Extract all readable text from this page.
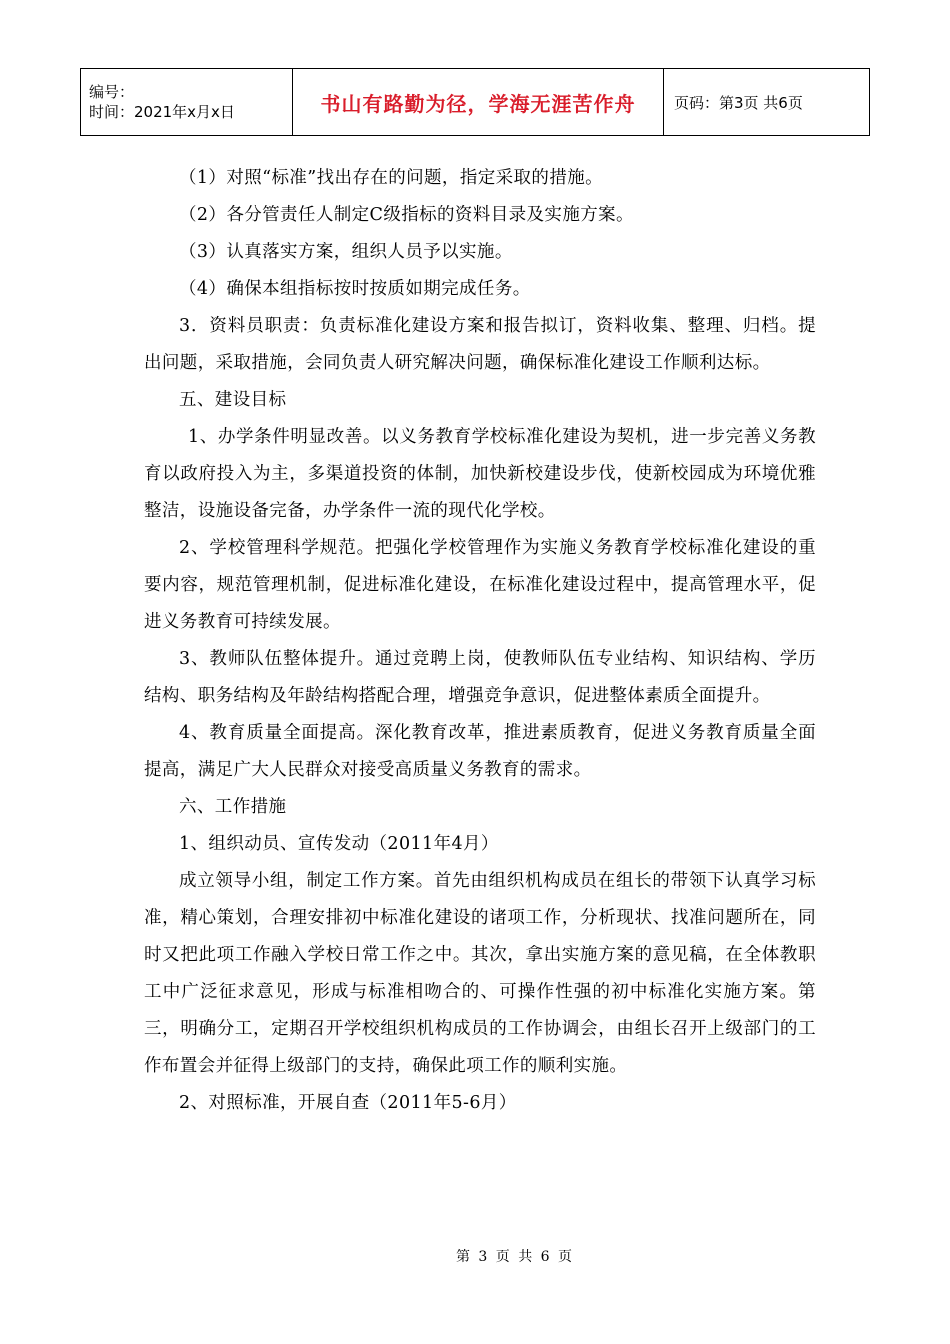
编号：
时间：2021年x月x日	书山有路勤为径，学海无涯苦作舟	页码：第3页 共6页

（1）对照“标准”找出存在的问题，指定采取的措施。

（2）各分管责任人制定C级指标的资料目录及实施方案。

（3）认真落实方案，组织人员予以实施。

（4）确保本组指标按时按质如期完成任务。

3．资料员职责：负责标准化建设方案和报告拟订，资料收集、整理、归档。提出问题，采取措施，会同负责人研究解决问题，确保标准化建设工作顺利达标。

五、建设目标

1、办学条件明显改善。以义务教育学校标准化建设为契机，进一步完善义务教育以政府投入为主，多渠道投资的体制，加快新校建设步伐，使新校园成为环境优雅整洁，设施设备完备，办学条件一流的现代化学校。

2、学校管理科学规范。把强化学校管理作为实施义务教育学校标准化建设的重要内容，规范管理机制，促进标准化建设，在标准化建设过程中，提高管理水平，促进义务教育可持续发展。

3、教师队伍整体提升。通过竞聘上岗，使教师队伍专业结构、知识结构、学历结构、职务结构及年龄结构搭配合理，增强竞争意识，促进整体素质全面提升。

4、教育质量全面提高。深化教育改革，推进素质教育，促进义务教育质量全面提高，满足广大人民群众对接受高质量义务教育的需求。

六、工作措施

1、组织动员、宣传发动（2011年4月）

成立领导小组，制定工作方案。首先由组织机构成员在组长的带领下认真学习标准，精心策划，合理安排初中标准化建设的诸项工作，分析现状、找准问题所在，同时又把此项工作融入学校日常工作之中。其次，拿出实施方案的意见稿，在全体教职工中广泛征求意见，形成与标准相吻合的、可操作性强的初中标准化实施方案。第三，明确分工，定期召开学校组织机构成员的工作协调会，由组长召开上级部门的工作布置会并征得上级部门的支持，确保此项工作的顺利实施。

2、对照标准，开展自查（2011年5-6月）

第 3 页 共 6 页
